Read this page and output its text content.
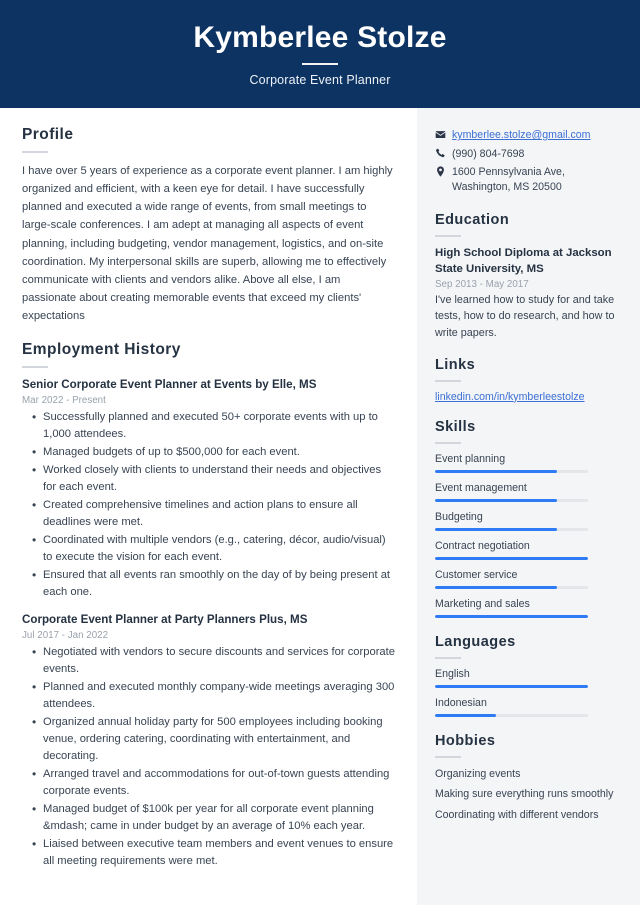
Kymberlee Stolze
Corporate Event Planner
Profile
I have over 5 years of experience as a corporate event planner. I am highly organized and efficient, with a keen eye for detail. I have successfully planned and executed a wide range of events, from small meetings to large-scale conferences. I am adept at managing all aspects of event planning, including budgeting, vendor management, logistics, and on-site coordination. My interpersonal skills are superb, allowing me to effectively communicate with clients and vendors alike. Above all else, I am passionate about creating memorable events that exceed my clients' expectations
Employment History
Senior Corporate Event Planner at Events by Elle, MS
Mar 2022 - Present
• Successfully planned and executed 50+ corporate events with up to 1,000 attendees.
• Managed budgets of up to $500,000 for each event.
• Worked closely with clients to understand their needs and objectives for each event.
• Created comprehensive timelines and action plans to ensure all deadlines were met.
• Coordinated with multiple vendors (e.g., catering, décor, audio/visual) to execute the vision for each event.
• Ensured that all events ran smoothly on the day of by being present at each one.
Corporate Event Planner at Party Planners Plus, MS
Jul 2017 - Jan 2022
• Negotiated with vendors to secure discounts and services for corporate events.
• Planned and executed monthly company-wide meetings averaging 300 attendees.
• Organized annual holiday party for 500 employees including booking venue, ordering catering, coordinating with entertainment, and decorating.
• Arranged travel and accommodations for out-of-town guests attending corporate events.
• Managed budget of $100k per year for all corporate event planning &mdash; came in under budget by an average of 10% each year.
• Liaised between executive team members and event venues to ensure all meeting requirements were met.
kymberlee.stolze@gmail.com
(990) 804-7698
1600 Pennsylvania Ave,
Washington, MS 20500
Education
High School Diploma at Jackson State University, MS
Sep 2013 - May 2017
I've learned how to study for and take tests, how to do research, and how to write papers.
Links
linkedin.com/in/kymberleestolze
Skills
Event planning
Event management
Budgeting
Contract negotiation
Customer service
Marketing and sales
Languages
English
Indonesian
Hobbies
Organizing events
Making sure everything runs smoothly
Coordinating with different vendors
